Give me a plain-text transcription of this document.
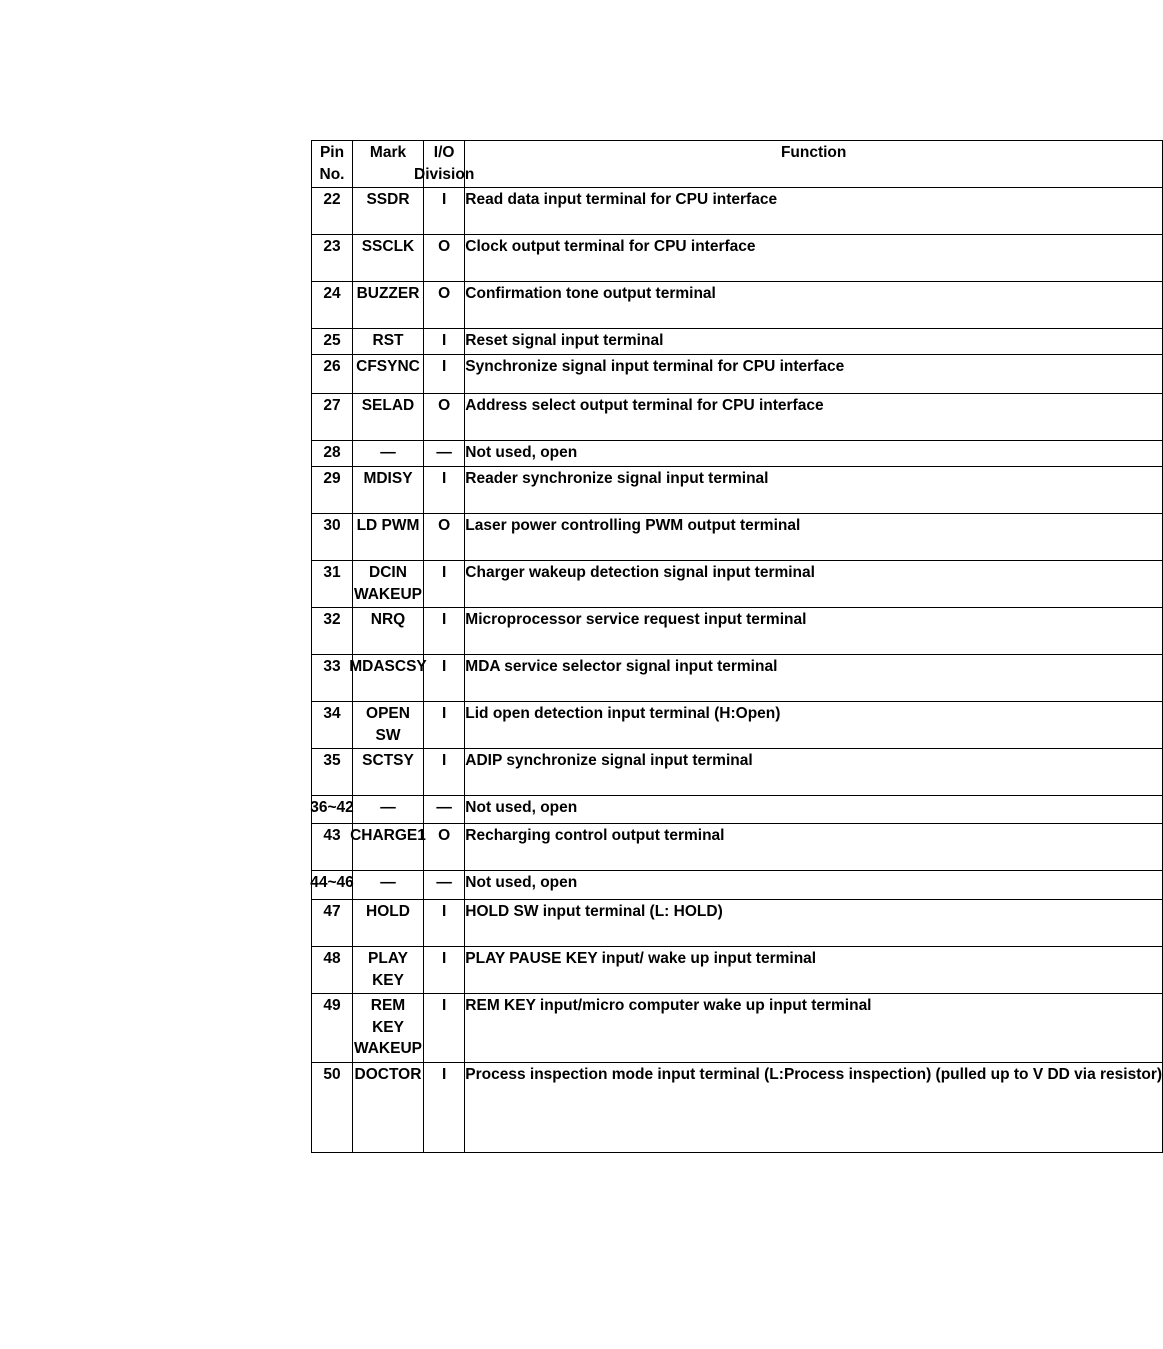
Pin No.	Mark	I/O Division	Function

22	SSDR	I	Read data input terminal for CPU interface

23	SSCLK	O	Clock output terminal for CPU interface

24	BUZZER	O	Confirmation tone output terminal

25	RST	I	Reset signal input terminal

26	CFSYNC	I	Synchronize signal input terminal for CPU interface

27	SELAD	O	Address select output terminal for CPU interface

28	—	—	Not used, open

29	MDISY	I	Reader synchronize signal input terminal

30	LD PWM	O	Laser power controlling PWM output terminal

31	DCIN WAKEUP	I	Charger wakeup detection signal input terminal

32	NRQ	I	Microprocessor service request input terminal

33	MDASCSY	I	MDA service selector signal input terminal

34	OPEN SW	I	Lid open detection input terminal (H:Open)

35	SCTSY	I	ADIP synchronize signal input terminal

36~42	—	—	Not used, open

43	CHARGE1	O	Recharging control output terminal

44~46	—	—	Not used, open

47	HOLD	I	HOLD SW input terminal (L: HOLD)

48	PLAY KEY	I	PLAY PAUSE KEY input/ wake up input terminal

49	REM KEY WAKEUP	I	REM KEY input/micro computer wake up input terminal

50	DOCTOR	I	Process inspection mode input terminal (L:Process inspection) (pulled up to V DD via resistor)
